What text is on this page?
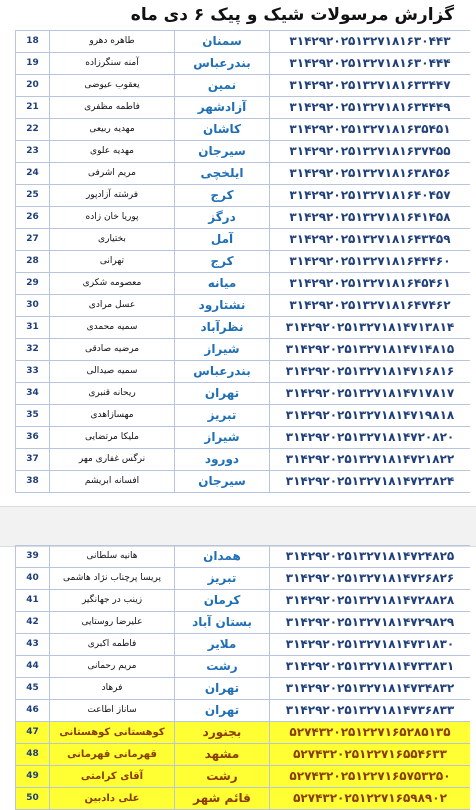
گزارش مرسولات شیک و پیک ۶ دی ماه
18	طاهره دهرو	سمنان	۳۱۴۲۹۲۰۲۵۱۳۲۷۱۸۱۶۳۰۴۴۳
19	آمنه سنگرزاده	بندرعباس	۳۱۴۲۹۲۰۲۵۱۳۲۷۱۸۱۶۳۰۴۴۴
20	یعقوب عیوضی	نمین	۳۱۴۲۹۲۰۲۵۱۳۲۷۱۸۱۶۳۳۴۴۷
21	فاطمه مظفری	آزادشهر	۳۱۴۲۹۲۰۲۵۱۳۲۷۱۸۱۶۳۴۴۴۹
22	مهدیه ربیعی	کاشان	۳۱۴۲۹۲۰۲۵۱۳۲۷۱۸۱۶۳۵۴۵۱
23	مهدیه علوی	سیرجان	۳۱۴۲۹۲۰۲۵۱۳۲۷۱۸۱۶۳۷۴۵۵
24	مریم اشرفی	ایلخچی	۳۱۴۲۹۲۰۲۵۱۳۲۷۱۸۱۶۳۸۴۵۶
25	فرشته آزادپور	کرج	۳۱۴۲۹۲۰۲۵۱۳۲۷۱۸۱۶۴۰۴۵۷
26	پوریا خان زاده	درگز	۳۱۴۲۹۲۰۲۵۱۳۲۷۱۸۱۶۴۱۴۵۸
27	بختیاری	آمل	۳۱۴۲۹۲۰۲۵۱۳۲۷۱۸۱۶۴۳۴۵۹
28	تهرانی	کرج	۳۱۴۲۹۲۰۲۵۱۳۲۷۱۸۱۶۴۴۴۶۰
29	معصومه شکری	میانه	۳۱۴۲۹۲۰۲۵۱۳۲۷۱۸۱۶۴۵۴۶۱
30	عسل مرادی	نشتارود	۳۱۴۲۹۲۰۲۵۱۳۲۷۱۸۱۶۴۷۴۶۲
31	سمیه محمدی	نظرآباد	۳۱۴۲۹۲۰۲۵۱۳۲۷۱۸۱۴۷۱۳۸۱۴
32	مرضیه صادقی	شیراز	۳۱۴۲۹۲۰۲۵۱۳۲۷۱۸۱۴۷۱۴۸۱۵
33	سمیه صیدالی	بندرعباس	۳۱۴۲۹۲۰۲۵۱۳۲۷۱۸۱۴۷۱۶۸۱۶
34	ریحانه قنبری	تهران	۳۱۴۲۹۲۰۲۵۱۳۲۷۱۸۱۴۷۱۷۸۱۷
35	مهسازاهدی	تبریز	۳۱۴۲۹۲۰۲۵۱۳۲۷۱۸۱۴۷۱۹۸۱۸
36	ملیکا مرتضایی	شیراز	۳۱۴۲۹۲۰۲۵۱۳۲۷۱۸۱۴۷۲۰۸۲۰
37	نرگس غفاری مهر	دورود	۳۱۴۲۹۲۰۲۵۱۳۲۷۱۸۱۴۷۲۱۸۲۲
38	افسانه ابریشم	سیرجان	۳۱۴۲۹۲۰۲۵۱۳۲۷۱۸۱۴۷۲۳۸۲۴
39	هانیه سلطانی	همدان	۳۱۴۲۹۲۰۲۵۱۳۲۷۱۸۱۴۷۲۴۸۲۵
40	پریسا پرچناب نژاد هاشمی	تبریز	۳۱۴۲۹۲۰۲۵۱۳۲۷۱۸۱۴۷۲۶۸۲۶
41	زینب در جهانگیر	کرمان	۳۱۴۲۹۲۰۲۵۱۳۲۷۱۸۱۴۷۲۸۸۲۸
42	علیرضا روستایی	بستان آباد	۳۱۴۲۹۲۰۲۵۱۳۲۷۱۸۱۴۷۲۹۸۲۹
43	فاطمه اکبری	ملایر	۳۱۴۲۹۲۰۲۵۱۳۲۷۱۸۱۴۷۳۱۸۳۰
44	مریم رحمانی	رشت	۳۱۴۲۹۲۰۲۵۱۳۲۷۱۸۱۴۷۳۳۸۳۱
45	فرهاد	تهران	۳۱۴۲۹۲۰۲۵۱۳۲۷۱۸۱۴۷۳۴۸۳۲
46	ساناز اطاعت	تهران	۳۱۴۲۹۲۰۲۵۱۳۲۷۱۸۱۴۷۳۶۸۳۳
47	کوهستانی کوهستانی	بجنورد	۵۲۷۴۳۲۰۲۵۱۲۲۷۱۶۵۲۸۵۱۳۵
48	قهرمانی قهرمانی	مشهد	۵۲۷۴۳۲۰۲۵۱۲۲۷۱۶۵۵۴۶۳۳
49	آقای کرامتی	رشت	۵۲۷۴۳۲۰۲۵۱۲۲۷۱۶۵۷۵۳۲۵۰
50	علی دادبین	قائم شهر	۵۲۷۴۳۲۰۲۵۱۲۲۷۱۶۵۹۸۹۰۲
